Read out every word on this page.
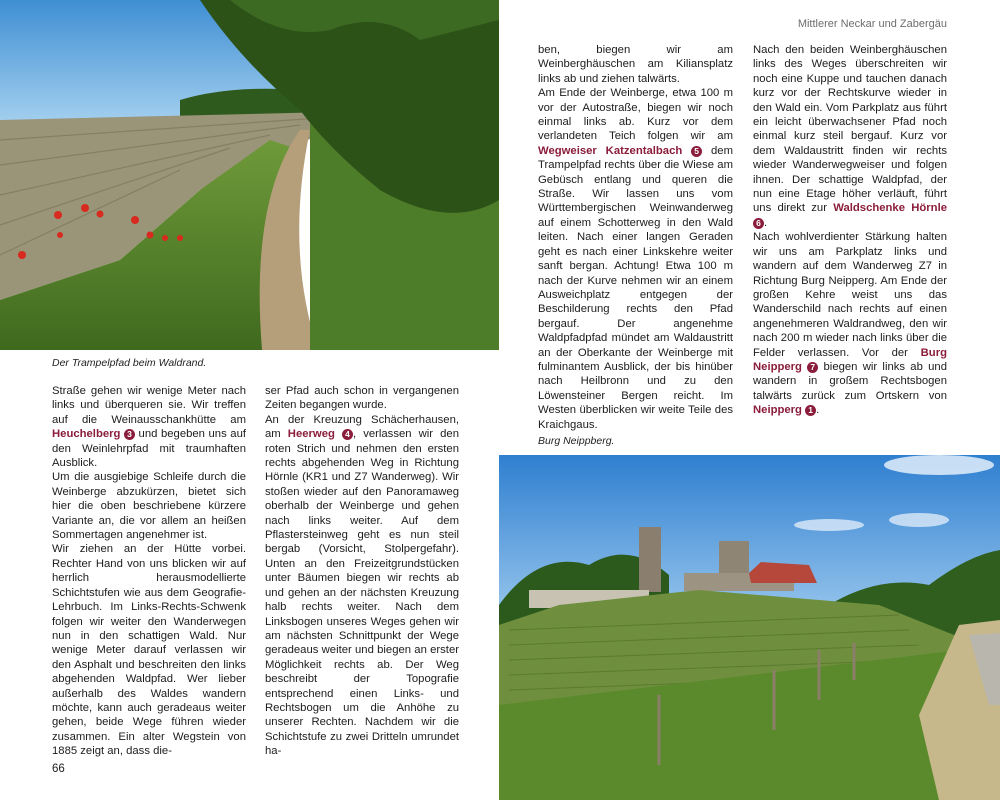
Mittlerer Neckar und Zabergäu
Der Trampelpfad beim Waldrand.

Straße gehen wir wenige Meter nach links und überqueren sie. Wir treffen auf die Weinausschankhütte am Heuchelberg 3 und begeben uns auf den Weinlehrpfad mit traumhaften Ausblick.

Um die ausgiebige Schleife durch die Weinberge abzukürzen, bietet sich hier die oben beschriebene kürzere Variante an, die vor allem an heißen Sommertagen angenehmer ist.

Wir ziehen an der Hütte vorbei. Rechter Hand von uns blicken wir auf herrlich herausmodellierte Schichtstufen wie aus dem Geografie-Lehrbuch. Im Links-Rechts-Schwenk folgen wir weiter den Wanderwegen nun in den schattigen Wald. Nur wenige Meter darauf verlassen wir den Asphalt und beschreiten den links abgehenden Waldpfad. Wer lieber außerhalb des Waldes wandern möchte, kann auch geradeaus weiter gehen, beide Wege führen wieder zusammen. Ein alter Wegstein von 1885 zeigt an, dass die-

ser Pfad auch schon in vergangenen Zeiten begangen wurde.

An der Kreuzung Schächerhausen, am Heerweg 4 , verlassen wir den roten Strich und nehmen den ersten rechts abgehenden Weg in Richtung Hörnle (KR1 und Z7 Wanderweg). Wir stoßen wieder auf den Panoramaweg oberhalb der Weinberge und gehen nach links weiter. Auf dem Pflastersteinweg geht es nun steil bergab (Vorsicht, Stolpergefahr). Unten an den Freizeitgrundstücken unter Bäumen biegen wir rechts ab und gehen an der nächsten Kreuzung halb rechts weiter. Nach dem Linksbogen unseres Weges gehen wir am nächsten Schnittpunkt der Wege geradeaus weiter und biegen an erster Möglichkeit rechts ab. Der Weg beschreibt der Topografie entsprechend einen Links- und Rechtsbogen um die Anhöhe zu unserer Rechten. Nachdem wir die Schichtstufe zu zwei Dritteln umrundet ha-

ben, biegen wir am Weinberghäuschen am Kiliansplatz links ab und ziehen talwärts.

Am Ende der Weinberge, etwa 100 m vor der Autostraße, biegen wir noch einmal links ab. Kurz vor dem verlandeten Teich folgen wir am Wegweiser Katzentalbach 5 dem Trampelpfad rechts über die Wiese am Gebüsch entlang und queren die Straße. Wir lassen uns vom Württembergischen Weinwanderweg auf einem Schotterweg in den Wald leiten. Nach einer langen Geraden geht es nach einer Linkskehre weiter sanft bergan. Achtung! Etwa 100 m nach der Kurve nehmen wir an einem Ausweichplatz entgegen der Beschilderung rechts den Pfad bergauf. Der angenehme Waldpfadpfad mündet am Waldaustritt an der Oberkante der Weinberge mit fulminantem Ausblick, der bis hinüber nach Heilbronn und zu den Löwensteiner Bergen reicht. Im Westen überblicken wir weite Teile des Kraichgaus.

Burg Neippberg.

Nach den beiden Weinberghäuschen links des Weges überschreiten wir noch eine Kuppe und tauchen danach kurz vor der Rechtskurve wieder in den Wald ein. Vom Parkplatz aus führt ein leicht überwachsener Pfad noch einmal kurz steil bergauf. Kurz vor dem Waldaustritt finden wir rechts wieder Wanderwegweiser und folgen ihnen. Der schattige Waldpfad, der nun eine Etage höher verläuft, führt uns direkt zur Waldschenke Hörnle 6 .

Nach wohlverdienter Stärkung halten wir uns am Parkplatz links und wandern auf dem Wanderweg Z7 in Richtung Burg Neipperg. Am Ende der großen Kehre weist uns das Wanderschild nach rechts auf einen angenehmeren Waldrandweg, den wir nach 200 m wieder nach links über die Felder verlassen. Vor der Burg Neipperg 7 biegen wir links ab und wandern in großem Rechtsbogen talwärts zurück zum Ortskern von Neipperg 1 .

66
